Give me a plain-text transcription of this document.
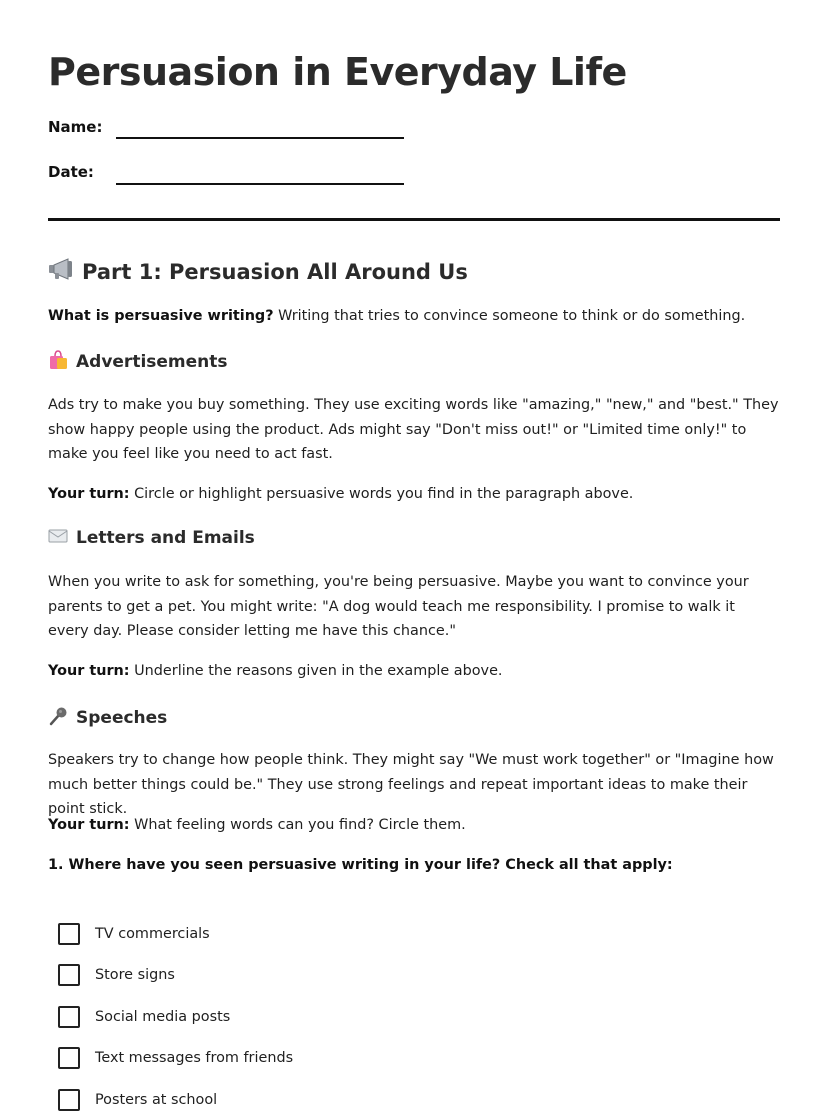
Persuasion in Everyday Life
Name:
Date:
Part 1: Persuasion All Around Us

What is persuasive writing? Writing that tries to convince someone to think or do something.

Advertisements

Ads try to make you buy something. They use exciting words like "amazing," "new," and "best." They show happy people using the product. Ads might say "Don't miss out!" or "Limited time only!" to make you feel like you need to act fast.

Your turn: Circle or highlight persuasive words you find in the paragraph above.

Letters and Emails

When you write to ask for something, you're being persuasive. Maybe you want to convince your parents to get a pet. You might write: "A dog would teach me responsibility. I promise to walk it every day. Please consider letting me have this chance."

Your turn: Underline the reasons given in the example above.

Speeches

Speakers try to change how people think. They might say "We must work together" or "Imagine how much better things could be." They use strong feelings and repeat important ideas to make their point stick.

Your turn: What feeling words can you find? Circle them.

1. Where have you seen persuasive writing in your life? Check all that apply:
TV commercials
Store signs
Social media posts
Text messages from friends
Posters at school
